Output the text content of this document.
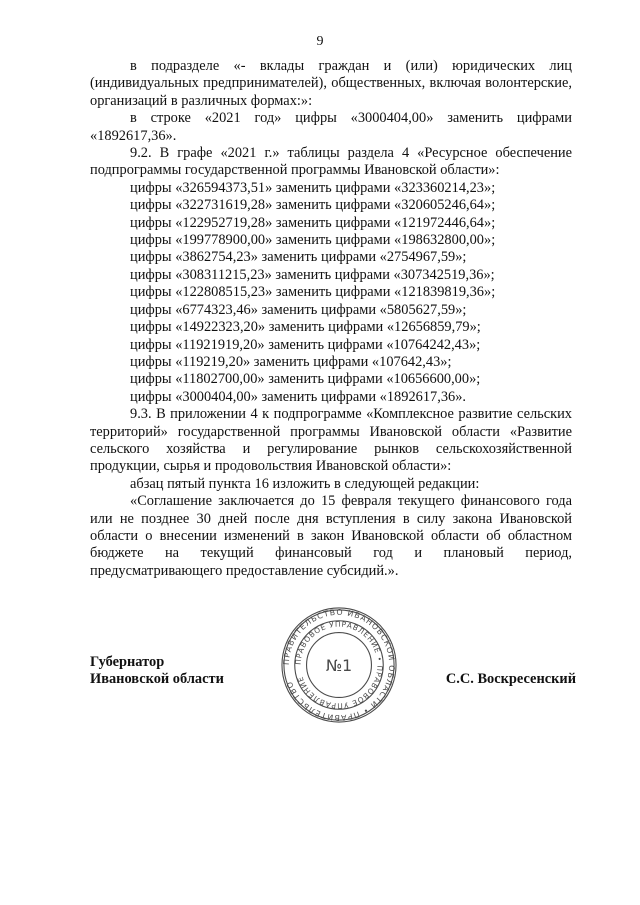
9

в подразделе «- вклады граждан и (или) юридических лиц (индивидуальных предпринимателей), общественных, включая волонтерские, организаций в различных формах:»:

в строке «2021 год» цифры «3000404,00» заменить цифрами «1892617,36».

9.2. В графе «2021 г.» таблицы раздела 4 «Ресурсное обеспечение подпрограммы государственной программы Ивановской области»:

цифры «326594373,51» заменить цифрами «323360214,23»;
цифры «322731619,28» заменить цифрами «320605246,64»;
цифры «122952719,28» заменить цифрами «121972446,64»;
цифры «199778900,00» заменить цифрами «198632800,00»;
цифры «3862754,23» заменить цифрами «2754967,59»;
цифры «308311215,23» заменить цифрами «307342519,36»;
цифры «122808515,23» заменить цифрами «121839819,36»;
цифры «6774323,46» заменить цифрами «5805627,59»;
цифры «14922323,20» заменить цифрами «12656859,79»;
цифры «11921919,20» заменить цифрами «10764242,43»;
цифры «119219,20» заменить цифрами «107642,43»;
цифры «11802700,00» заменить цифрами «10656600,00»;
цифры «3000404,00» заменить цифрами «1892617,36».

9.3. В приложении 4 к подпрограмме «Комплексное развитие сельских территорий» государственной программы Ивановской области «Развитие сельского хозяйства и регулирование рынков сельскохозяйственной продукции, сырья и продовольствия Ивановской области»:

абзац пятый пункта 16 изложить в следующей редакции:

«Соглашение заключается до 15 февраля текущего финансового года или не позднее 30 дней после дня вступления в силу закона Ивановской области о внесении изменений в закон Ивановской области об областном бюджете на текущий финансовый год и плановый период, предусматривающего предоставление субсидий.».

ПРАВИТЕЛЬСТВО ИВАНОВСКОЙ ОБЛАСТИ • ПРАВИТЕЛЬСТВО
ПРАВОВОЕ УПРАВЛЕНИЕ • ПРАВОВОЕ УПРАВЛЕНИЕ
№1
Губернатор
Ивановской области	С.С. Воскресенский
